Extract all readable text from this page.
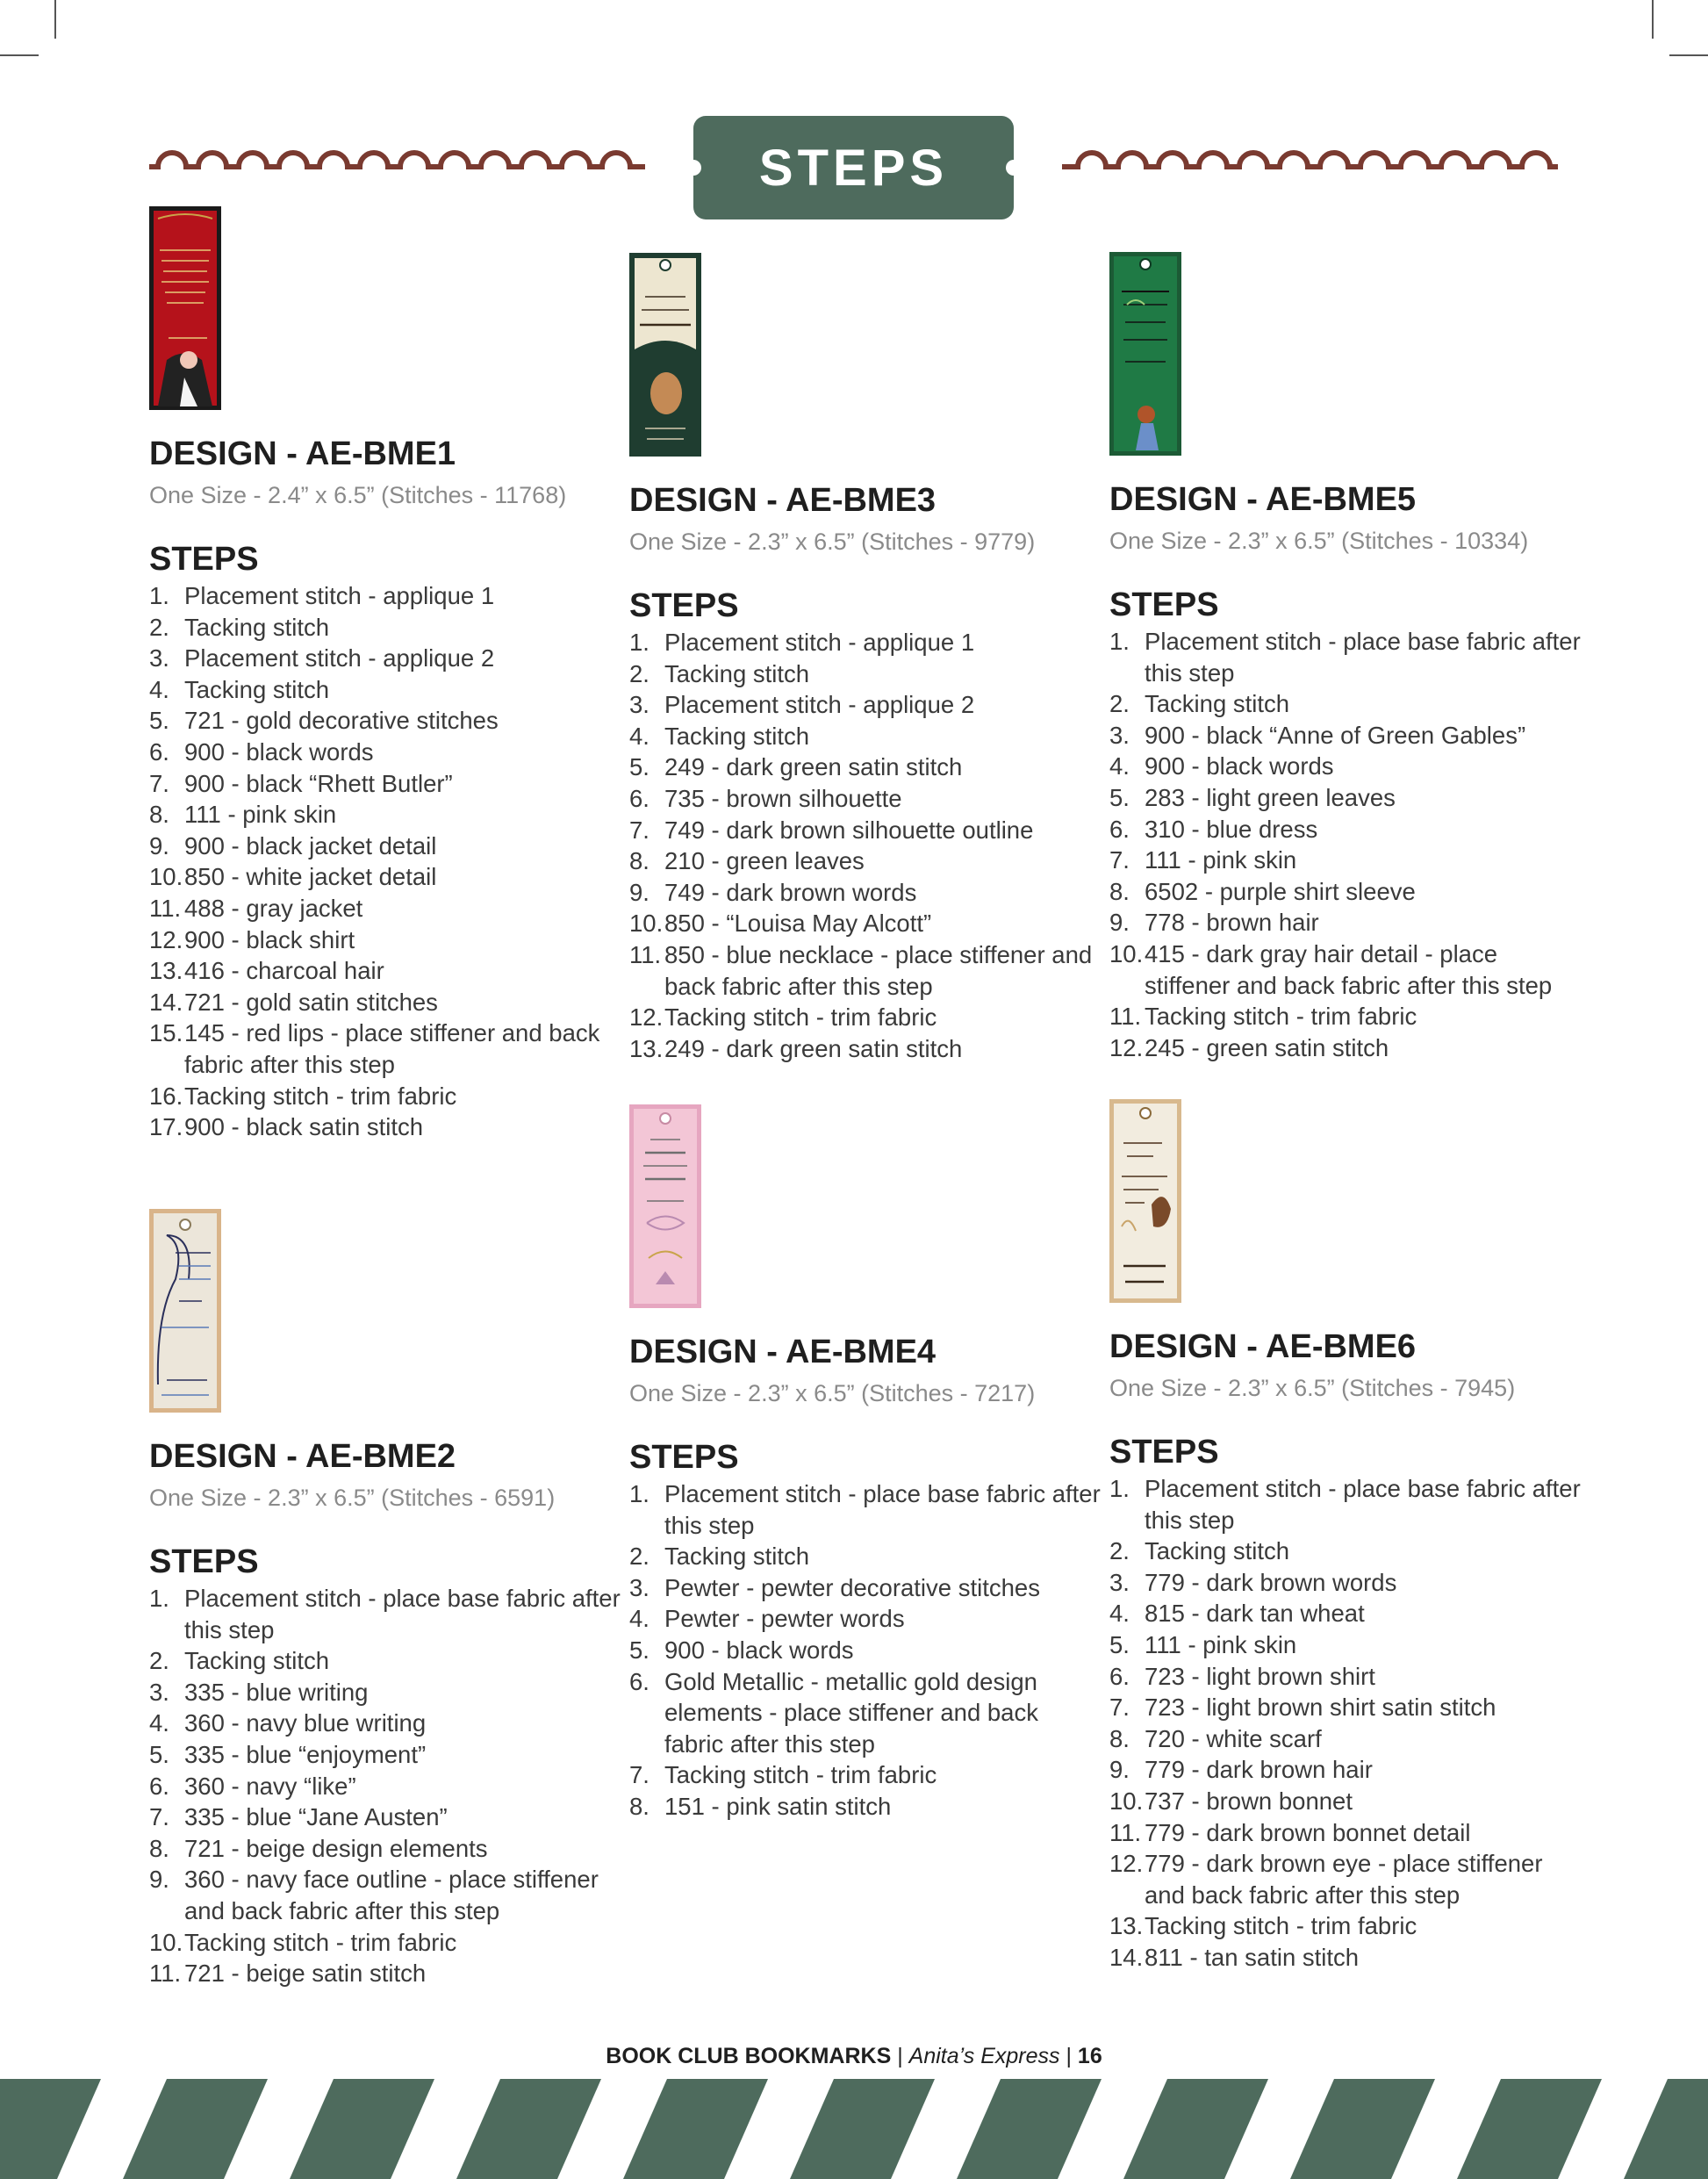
STEPS

DESIGN - AE-BME1

One Size - 2.4” x 6.5” (Stitches - 11768)

STEPS

1. Placement stitch - applique 1
2. Tacking stitch
3. Placement stitch - applique 2
4. Tacking stitch
5. 721 - gold decorative stitches
6. 900 - black words
7. 900 - black “Rhett Butler”
8. 111 - pink skin
9. 900 - black jacket detail
10. 850 - white jacket detail
11. 488 - gray jacket
12. 900 - black shirt
13. 416 - charcoal hair
14. 721 - gold satin stitches
15. 145 - red lips - place stiffener and back fabric after this step
16. Tacking stitch - trim fabric
17. 900 - black satin stitch

DESIGN - AE-BME2

One Size - 2.3” x 6.5” (Stitches - 6591)

STEPS

1. Placement stitch - place base fabric after this step
2. Tacking stitch
3. 335 - blue writing
4. 360 - navy blue writing
5. 335 - blue “enjoyment”
6. 360 - navy “like”
7. 335 - blue “Jane Austen”
8. 721 - beige design elements
9. 360 - navy face outline - place stiffener and back fabric after this step
10. Tacking stitch - trim fabric
11. 721 - beige satin stitch

DESIGN - AE-BME3

One Size - 2.3” x 6.5” (Stitches - 9779)

STEPS

1. Placement stitch - applique 1
2. Tacking stitch
3. Placement stitch - applique 2
4. Tacking stitch
5. 249 - dark green satin stitch
6. 735 - brown silhouette
7. 749 - dark brown silhouette outline
8. 210 - green leaves
9. 749 - dark brown words
10. 850 - “Louisa May Alcott”
11. 850 - blue necklace - place stiffener and back fabric after this step
12. Tacking stitch - trim fabric
13. 249 - dark green satin stitch

DESIGN - AE-BME4

One Size - 2.3” x 6.5” (Stitches - 7217)

STEPS

1. Placement stitch - place base fabric after this step
2. Tacking stitch
3. Pewter - pewter decorative stitches
4. Pewter - pewter words
5. 900 - black words
6. Gold Metallic - metallic gold design elements - place stiffener and back fabric after this step
7. Tacking stitch - trim fabric
8. 151 - pink satin stitch

DESIGN - AE-BME5

One Size - 2.3” x 6.5” (Stitches - 10334)

STEPS

1. Placement stitch - place base fabric after this step
2. Tacking stitch
3. 900 - black “Anne of Green Gables”
4. 900 - black words
5. 283 - light green leaves
6. 310 - blue dress
7. 111 - pink skin
8. 6502 - purple shirt sleeve
9. 778 - brown hair
10. 415 - dark gray hair detail - place stiffener and back fabric after this step
11. Tacking stitch - trim fabric
12. 245 - green satin stitch

DESIGN - AE-BME6

One Size - 2.3” x 6.5” (Stitches - 7945)

STEPS

1. Placement stitch - place base fabric after this step
2. Tacking stitch
3. 779 - dark brown words
4. 815 - dark tan wheat
5. 111 - pink skin
6. 723 - light brown shirt
7. 723 - light brown shirt satin stitch
8. 720 - white scarf
9. 779 - dark brown hair
10. 737 - brown bonnet
11. 779 - dark brown bonnet detail
12. 779 - dark brown eye - place stiffener and back fabric after this step
13. Tacking stitch - trim fabric
14. 811 - tan satin stitch
BOOK CLUB BOOKMARKS | Anita’s Express | 16
